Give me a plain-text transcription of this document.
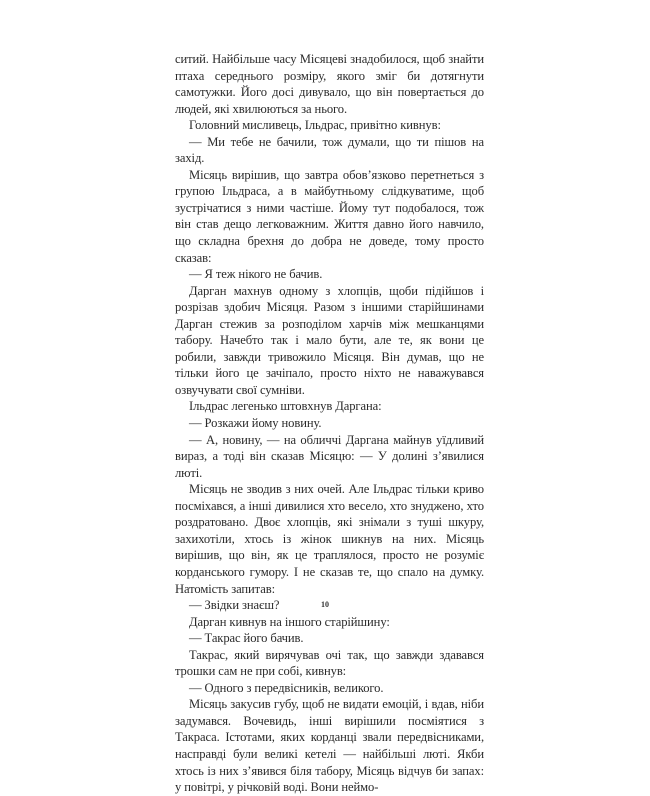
ситий. Найбільше часу Місяцеві знадобилося, щоб знайти птаха середнього розміру, якого зміг би дотягнути самотужки. Його досі дивувало, що він повертається до людей, які хвилюються за нього.

Головний мисливець, Ільдрас, привітно кивнув:

— Ми тебе не бачили, тож думали, що ти пішов на захід.

Місяць вирішив, що завтра обов’язково перетнеться з групою Ільдраса, а в майбутньому слідкуватиме, щоб зустрічатися з ними частіше. Йому тут подобалося, тож він став дещо легковажним. Життя давно його навчило, що складна брехня до добра не доведе, тому просто сказав:

— Я теж нікого не бачив.

Дарган махнув одному з хлопців, щоби підійшов і розрізав здобич Місяця. Разом з іншими старійшинами Дарган стежив за розподілом харчів між мешканцями табору. Начебто так і мало бути, але те, як вони це робили, завжди тривожило Місяця. Він думав, що не тільки його це зачіпало, просто ніхто не наважувався озвучувати свої сумніви.

Ільдрас легенько штовхнув Даргана:

— Розкажи йому новину.

— А, новину, — на обличчі Даргана майнув уїдливий вираз, а тоді він сказав Місяцю: — У долині з’явилися люті.

Місяць не зводив з них очей. Але Ільдрас тільки криво посміхався, а інші дивилися хто весело, хто знуджено, хто роздратовано. Двоє хлопців, які знімали з туші шкуру, захихотіли, хтось із жінок шикнув на них. Місяць вирішив, що він, як це траплялося, просто не розуміє корданського гумору. І не сказав те, що спало на думку. Натомість запитав:

— Звідки знаєш?

Дарган кивнув на іншого старійшину:

— Такрас його бачив.

Такрас, який вирячував очі так, що завжди здавався трошки сам не при собі, кивнув:

— Одного з передвісників, великого.

Місяць закусив губу, щоб не видати емоцій, і вдав, ніби задумався. Вочевидь, інші вирішили посміятися з Такраса. Істотами, яких корданці звали передвісниками, насправді були великі кетелі — найбільші люті. Якби хтось із них з’явився біля табору, Місяць відчув би запах: у повітрі, у річковій воді. Вони неймо-

10
